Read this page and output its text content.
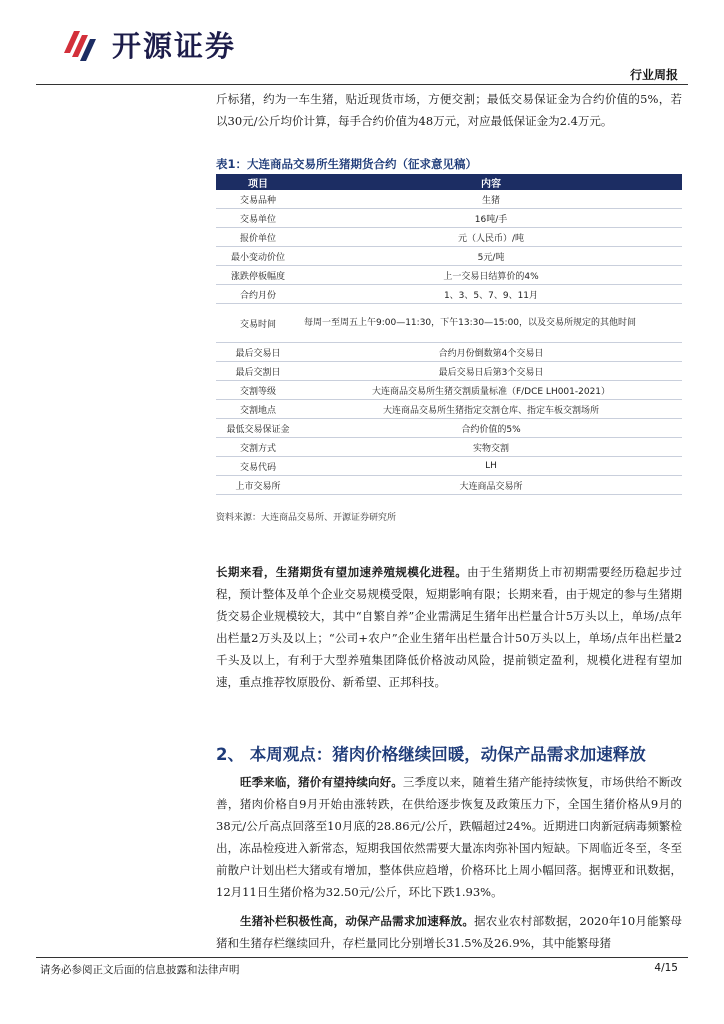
开源证券
行业周报

斤标猪，约为一车生猪，贴近现货市场，方便交割；最低交易保证金为合约价值的5%，若以30元/公斤均价计算，每手合约价值为48万元，对应最低保证金为2.4万元。

表1：大连商品交易所生猪期货合约（征求意见稿）
项目	内容
交易品种	生猪
交易单位	16吨/手
报价单位	元（人民币）/吨
最小变动价位	5元/吨
涨跌停板幅度	上一交易日结算价的4%
合约月份	1、3、5、7、9、11月
交易时间	每周一至周五上午9:00—11:30，下午13:30—15:00，以及交易所规定的其他时间
最后交易日	合约月份倒数第4个交易日
最后交割日	最后交易日后第3个交易日
交割等级	大连商品交易所生猪交割质量标准（F/DCE LH001-2021）
交割地点	大连商品交易所生猪指定交割仓库、指定车板交割场所
最低交易保证金	合约价值的5%
交割方式	实物交割
交易代码	LH
上市交易所	大连商品交易所
资料来源：大连商品交易所、开源证券研究所

长期来看，生猪期货有望加速养殖规模化进程。由于生猪期货上市初期需要经历稳起步过程，预计整体及单个企业交易规模受限，短期影响有限；长期来看，由于规定的参与生猪期货交易企业规模较大，其中“自繁自养”企业需满足生猪年出栏量合计5万头以上，单场/点年出栏量2万头及以上；“公司+农户”企业生猪年出栏量合计50万头以上，单场/点年出栏量2千头及以上，有利于大型养殖集团降低价格波动风险，提前锁定盈利，规模化进程有望加速，重点推荐牧原股份、新希望、正邦科技。

2、 本周观点：猪肉价格继续回暖，动保产品需求加速释放

旺季来临，猪价有望持续向好。三季度以来，随着生猪产能持续恢复，市场供给不断改善，猪肉价格自9月开始由涨转跌，在供给逐步恢复及政策压力下，全国生猪价格从9月的38元/公斤高点回落至10月底的28.86元/公斤，跌幅超过24%。近期进口肉新冠病毒频繁检出，冻品检疫进入新常态，短期我国依然需要大量冻肉弥补国内短缺。下周临近冬至，冬至前散户计划出栏大猪或有增加，整体供应趋增，价格环比上周小幅回落。据博亚和讯数据，12月11日生猪价格为32.50元/公斤，环比下跌1.93%。

生猪补栏积极性高，动保产品需求加速释放。据农业农村部数据，2020年10月能繁母猪和生猪存栏继续回升，存栏量同比分别增长31.5%及26.9%，其中能繁母猪

请务必参阅正文后面的信息披露和法律声明	4/15
